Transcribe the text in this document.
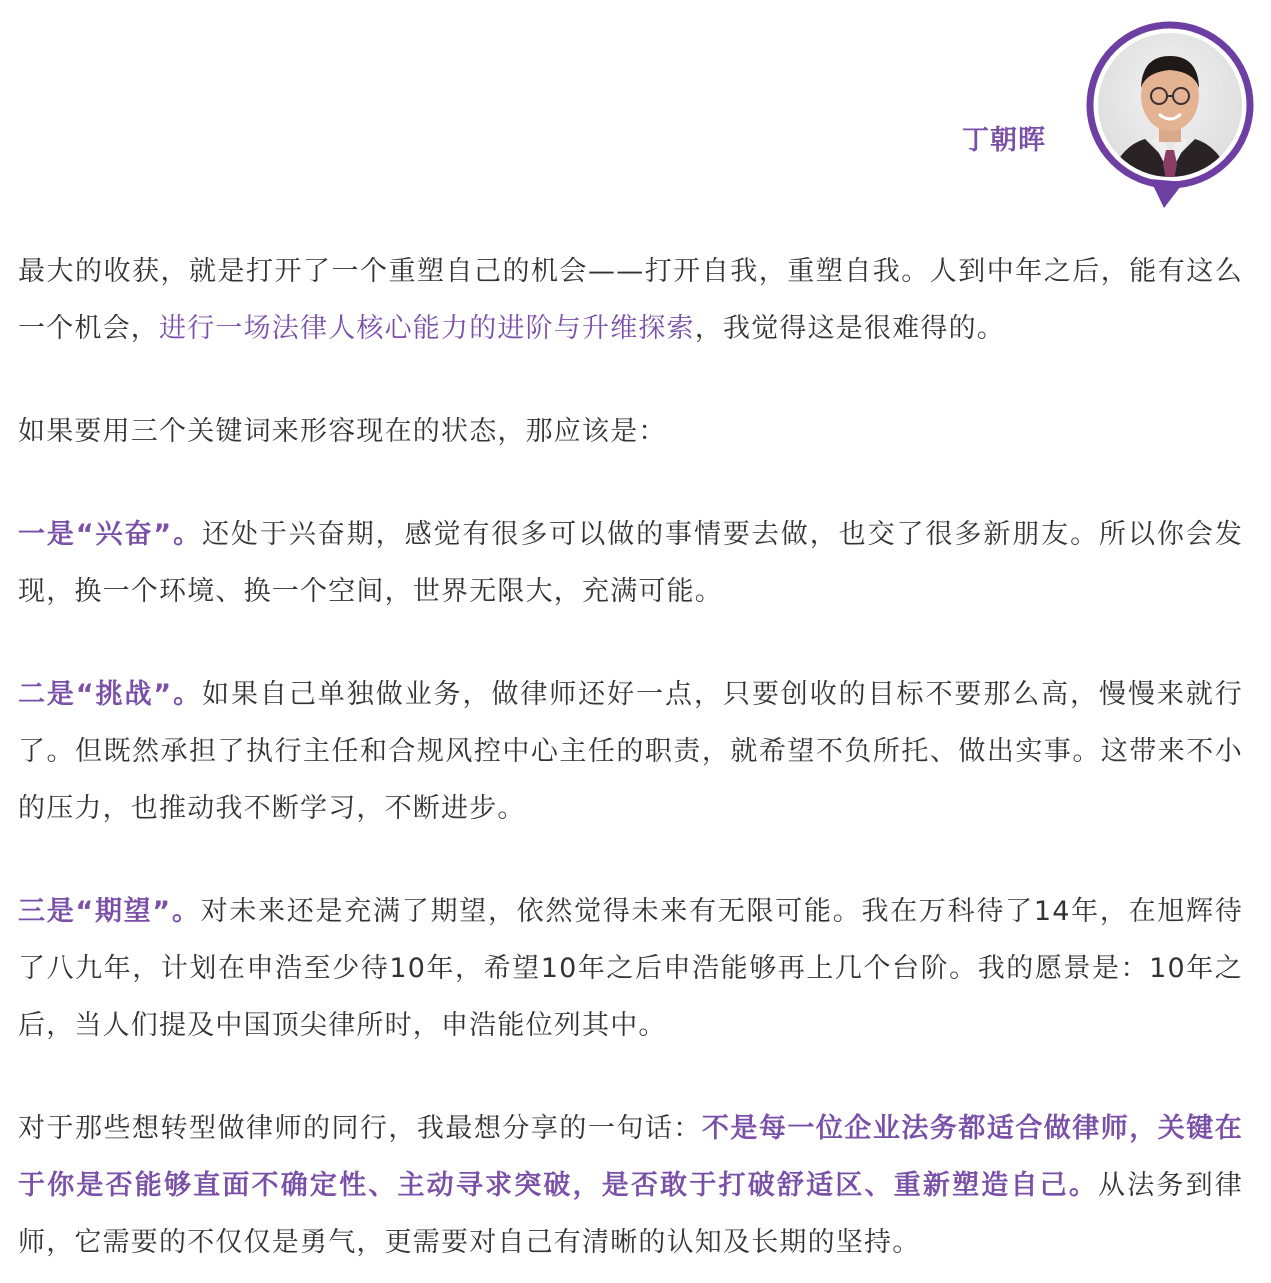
丁朝晖

最大的收获，就是打开了一个重塑自己的机会——打开自我，重塑自我。人到中年之后，能有这么一个机会，进行一场法律人核心能力的进阶与升维探索，我觉得这是很难得的。

如果要用三个关键词来形容现在的状态，那应该是：

一是“兴奋”。还处于兴奋期，感觉有很多可以做的事情要去做，也交了很多新朋友。所以你会发现，换一个环境、换一个空间，世界无限大，充满可能。

二是“挑战”。如果自己单独做业务，做律师还好一点，只要创收的目标不要那么高，慢慢来就行了。但既然承担了执行主任和合规风控中心主任的职责，就希望不负所托、做出实事。这带来不小的压力，也推动我不断学习，不断进步。

三是“期望”。对未来还是充满了期望，依然觉得未来有无限可能。我在万科待了14年，在旭辉待了八九年，计划在申浩至少待10年，希望10年之后申浩能够再上几个台阶。我的愿景是：10年之后，当人们提及中国顶尖律所时，申浩能位列其中。

对于那些想转型做律师的同行，我最想分享的一句话：不是每一位企业法务都适合做律师，关键在于你是否能够直面不确定性、主动寻求突破，是否敢于打破舒适区、重新塑造自己。从法务到律师，它需要的不仅仅是勇气，更需要对自己有清晰的认知及长期的坚持。
